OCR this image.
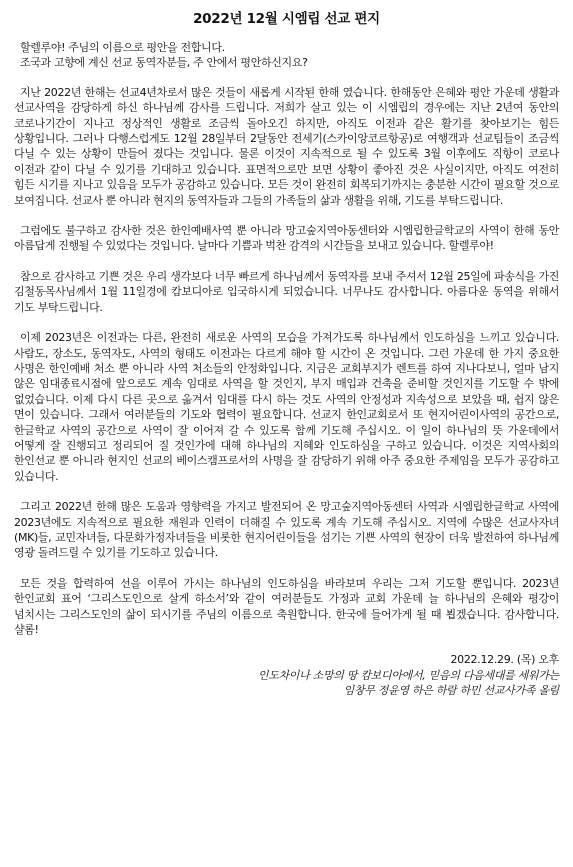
2022년 12월 시엠립 선교 편지
할렐루야! 주님의 이름으로 평안을 전합니다.
조국과 고향에 계신 선교 동역자분들, 주 안에서 평안하신지요?

지난 2022년 한해는 선교4년차로서 많은 것들이 새롭게 시작된 한해 였습니다. 한해동안 은혜와 평안 가운데 생활과 선교사역을 감당하게 하신 하나님께 감사를 드립니다. 저희가 살고 있는 이 시엠립의 경우에는 지난 2년여 동안의 코로나기간이 지나고 정상적인 생활로 조금씩 돌아오긴 하지만, 아직도 이전과 같은 활기를 찾아보기는 힘든 상황입니다. 그러나 다행스럽게도 12월 28일부터 2달동안 전세기(스카이앙코르항공)로 여행객과 선교팀들이 조금씩 다닐 수 있는 상황이 만들어 졌다는 것입니다. 물론 이것이 지속적으로 될 수 있도록 3월 이후에도 직항이 코로나 이전과 같이 다닐 수 있기를 기대하고 있습니다. 표면적으로만 보면 상황이 좋아진 것은 사실이지만, 아직도 여전히 힘든 시기를 지나고 있음을 모두가 공감하고 있습니다. 모든 것이 완전히 회복되기까지는 충분한 시간이 필요할 것으로 보여집니다. 선교사 뿐 아니라 현지의 동역자들과 그들의 가족들의 삶과 생활을 위해, 기도를 부탁드립니다.

그럼에도 불구하고 감사한 것은 한인예배사역 뿐 아니라 망고숲지역아동센터와 시엠립한글학교의 사역이 한해 동안 아름답게 진행될 수 있었다는 것입니다. 날마다 기쁨과 벅찬 감격의 시간들을 보내고 있습니다. 할렐루야!

참으로 감사하고 기쁜 것은 우리 생각보다 너무 빠르게 하나님께서 동역자를 보내 주셔서 12월 25일에 파송식을 가진 김철동목사님께서 1월 11일경에 캄보디아로 입국하시게 되었습니다. 너무나도 감사합니다. 아름다운 동역을 위해서 기도 부탁드립니다.

이제 2023년은 이전과는 다른, 완전히 새로운 사역의 모습을 가져가도록 하나님께서 인도하심을 느끼고 있습니다. 사람도, 장소도, 동역자도, 사역의 형태도 이전과는 다르게 해야 할 시간이 온 것입니다. 그런 가운데 한 가지 중요한 사명은 한인예배 처소 뿐 아니라 사역 처소들의 안정화입니다. 지금은 교회부지가 렌트를 하여 지나다보니, 얼마 남지 않은 임대종료시점에 앞으로도 계속 임대로 사역을 할 것인지, 부지 매입과 건축을 준비할 것인지를 기도할 수 밖에 없었습니다. 이제 다시 다른 곳으로 옮겨서 임대를 다시 하는 것도 사역의 안정성과 지속성으로 보았을 때, 쉽지 않은 면이 있습니다. 그래서 여러분들의 기도와 협력이 필요합니다. 선교지 한인교회로서 또 현지어린이사역의 공간으로, 한글학교 사역의 공간으로 사역이 잘 이어져 갈 수 있도록 함께 기도해 주십시오. 이 일이 하나님의 뜻 가운데에서 어떻게 잘 진행되고 정리되어 질 것인가에 대해 하나님의 지혜와 인도하심을 구하고 있습니다. 이것은 지역사회의 한인선교 뿐 아니라 현지인 선교의 베이스캠프로서의 사명을 잘 감당하기 위해 아주 중요한 주제임을 모두가 공감하고 있습니다.

그리고 2022년 한해 많은 도움과 영향력을 가지고 발전되어 온 망고숲지역아동센터 사역과 시엠립한글학교 사역에 2023년에도 지속적으로 필요한 재원과 인력이 더해질 수 있도록 계속 기도해 주십시오. 지역에 수많은 선교사자녀(MK)들, 교민자녀들, 다문화가정자녀들을 비롯한 현지어린이들을 섬기는 기쁜 사역의 현장이 더욱 발전하여 하나님께 영광 돌려드릴 수 있기를 기도하고 있습니다.

모든 것을 합력하여 선을 이루어 가시는 하나님의 인도하심을 바라보며 우리는 그저 기도할 뿐입니다. 2023년 한인교회 표어 ‘그리스도인으로 살게 하소서’와 같이 여러분들도 가정과 교회 가운데 늘 하나님의 은혜와 평강이 넘치시는 그리스도인의 삶이 되시기를 주님의 이름으로 축원합니다. 한국에 들어가게 될 때 뵙겠습니다. 감사합니다. 샬롬!

2022.12.29. (목) 오후
인도차이나 소망의 땅 캄보디아에서, 믿음의 다음세대를 세워가는
임창무 정윤영 하은 하람 하민 선교사가족 올림
